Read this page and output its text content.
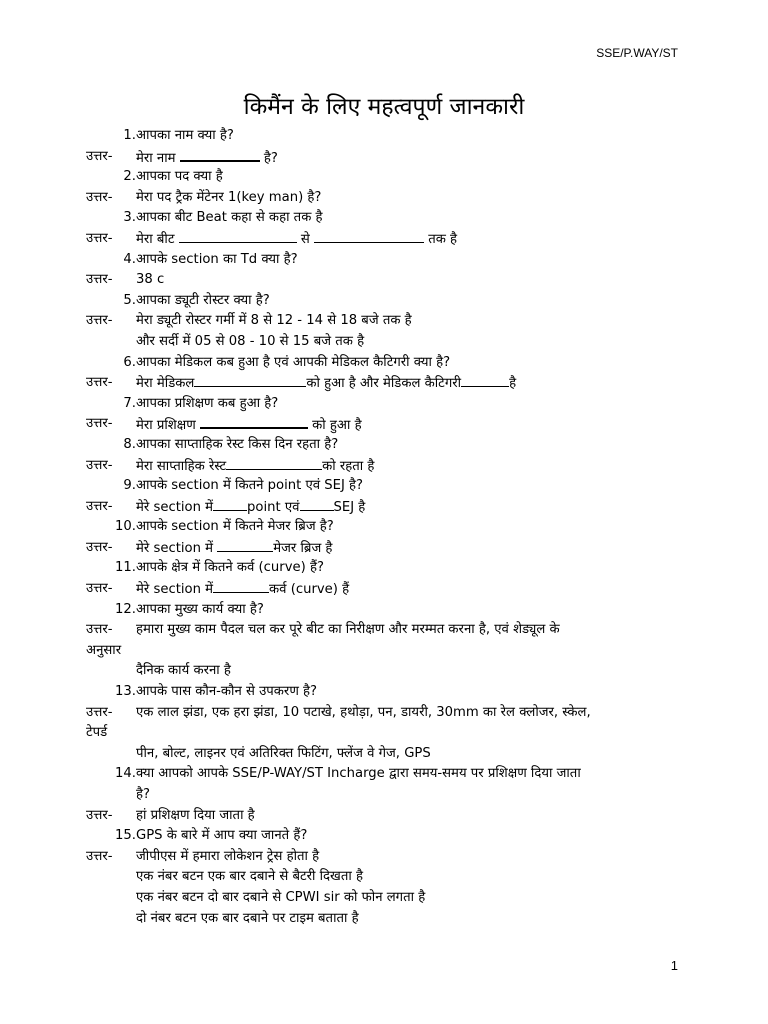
SSE/P.WAY/ST
किमैंन के लिए महत्वपूर्ण जानकारी
1. आपका नाम क्या है?
उत्तर- मेरा नाम	है?
2. आपका पद क्या है
उत्तर- मेरा पद ट्रैक मेंटेनर 1(key man) है?
3. आपका बीट Beat कहा से कहा तक है
उत्तर- मेरा बीट	से	तक है
4. आपके section का Td क्या है?
उत्तर- 38 c
5. आपका ड्यूटी रोस्टर क्या है?
उत्तर- मेरा ड्यूटी रोस्टर गर्मी में 8 से 12 - 14 से 18 बजे तक है
और सर्दी में 05 से 08 - 10 से 15 बजे तक है
6. आपका मेडिकल कब हुआ है एवं आपकी मेडिकल कैटिगरी क्या है?
उत्तर- मेरा मेडिकल	को हुआ है और मेडिकल कैटिगरी	है
7. आपका प्रशिक्षण कब हुआ है?
उत्तर- मेरा प्रशिक्षण	को हुआ है
8. आपका साप्ताहिक रेस्ट किस दिन रहता है?
उत्तर- मेरा साप्ताहिक रेस्ट	को रहता है
9. आपके section में कितने point एवं SEJ है?
उत्तर- मेरे section में	point एवं	SEJ है
10. आपके section में कितने मेजर ब्रिज है?
उत्तर- मेरे section में	मेजर ब्रिज है
11. आपके क्षेत्र में कितने कर्व (curve) हैं?
उत्तर- मेरे section में	कर्व (curve) हैं
12. आपका मुख्य कार्य क्या है?
उत्तर- हमारा मुख्य काम पैदल चल कर पूरे बीट का निरीक्षण और मरम्मत करना है, एवं शेड्यूल के
अनुसार
दैनिक कार्य करना है
13. आपके पास कौन-कौन से उपकरण है?
उत्तर- एक लाल झंडा, एक हरा झंडा, 10 पटाखे, हथोड़ा, पन, डायरी, 30mm का रेल क्लोजर, स्केल,
टेपर्ड
पीन, बोल्ट, लाइनर एवं अतिरिक्त फिटिंग, फ्लेंज वे गेज, GPS
14. क्या आपको आपके SSE/P-WAY/ST Incharge द्वारा समय-समय पर प्रशिक्षण दिया जाता
है?
उत्तर- हां प्रशिक्षण दिया जाता है
15. GPS के बारे में आप क्या जानते हैं?
उत्तर- जीपीएस में हमारा लोकेशन ट्रेस होता है
एक नंबर बटन एक बार दबाने से बैटरी दिखता है
एक नंबर बटन दो बार दबाने से CPWI sir को फोन लगता है
दो नंबर बटन एक बार दबाने पर टाइम बताता है
1
